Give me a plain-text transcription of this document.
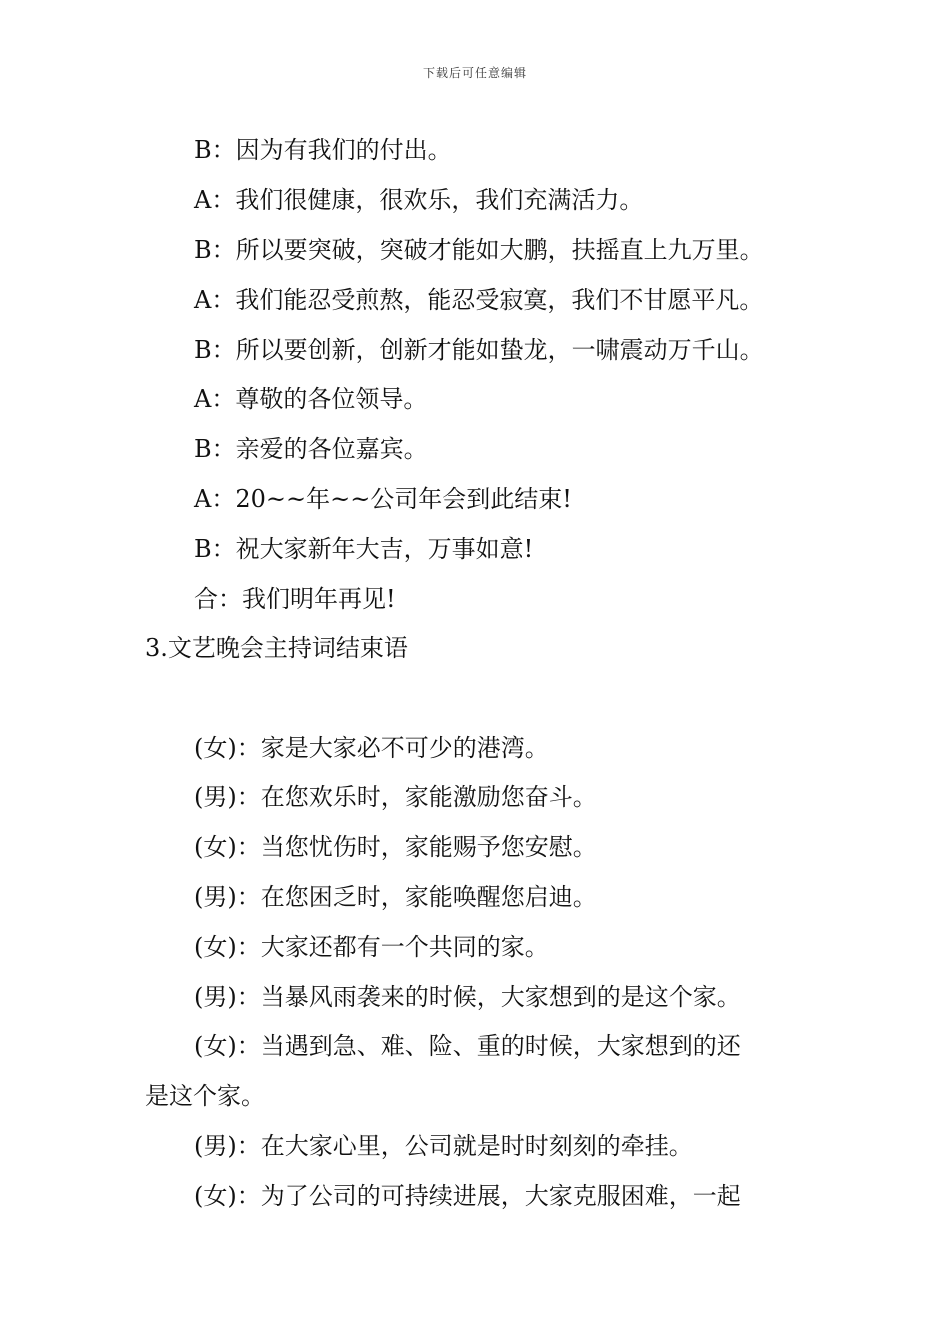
下载后可任意编辑
B：因为有我们的付出。
A：我们很健康，很欢乐，我们充满活力。
B：所以要突破，突破才能如大鹏，扶摇直上九万里。
A：我们能忍受煎熬，能忍受寂寞，我们不甘愿平凡。
B：所以要创新，创新才能如蛰龙，一啸震动万千山。
A：尊敬的各位领导。
B：亲爱的各位嘉宾。
A：20~~年~~公司年会到此结束!
B：祝大家新年大吉，万事如意!
合：我们明年再见!
3.文艺晚会主持词结束语
(女)：家是大家必不可少的港湾。
(男)：在您欢乐时，家能激励您奋斗。
(女)：当您忧伤时，家能赐予您安慰。
(男)：在您困乏时，家能唤醒您启迪。
(女)：大家还都有一个共同的家。
(男)：当暴风雨袭来的时候，大家想到的是这个家。
(女)：当遇到急、难、险、重的时候，大家想到的还
是这个家。
(男)：在大家心里，公司就是时时刻刻的牵挂。
(女)：为了公司的可持续进展，大家克服困难，一起
